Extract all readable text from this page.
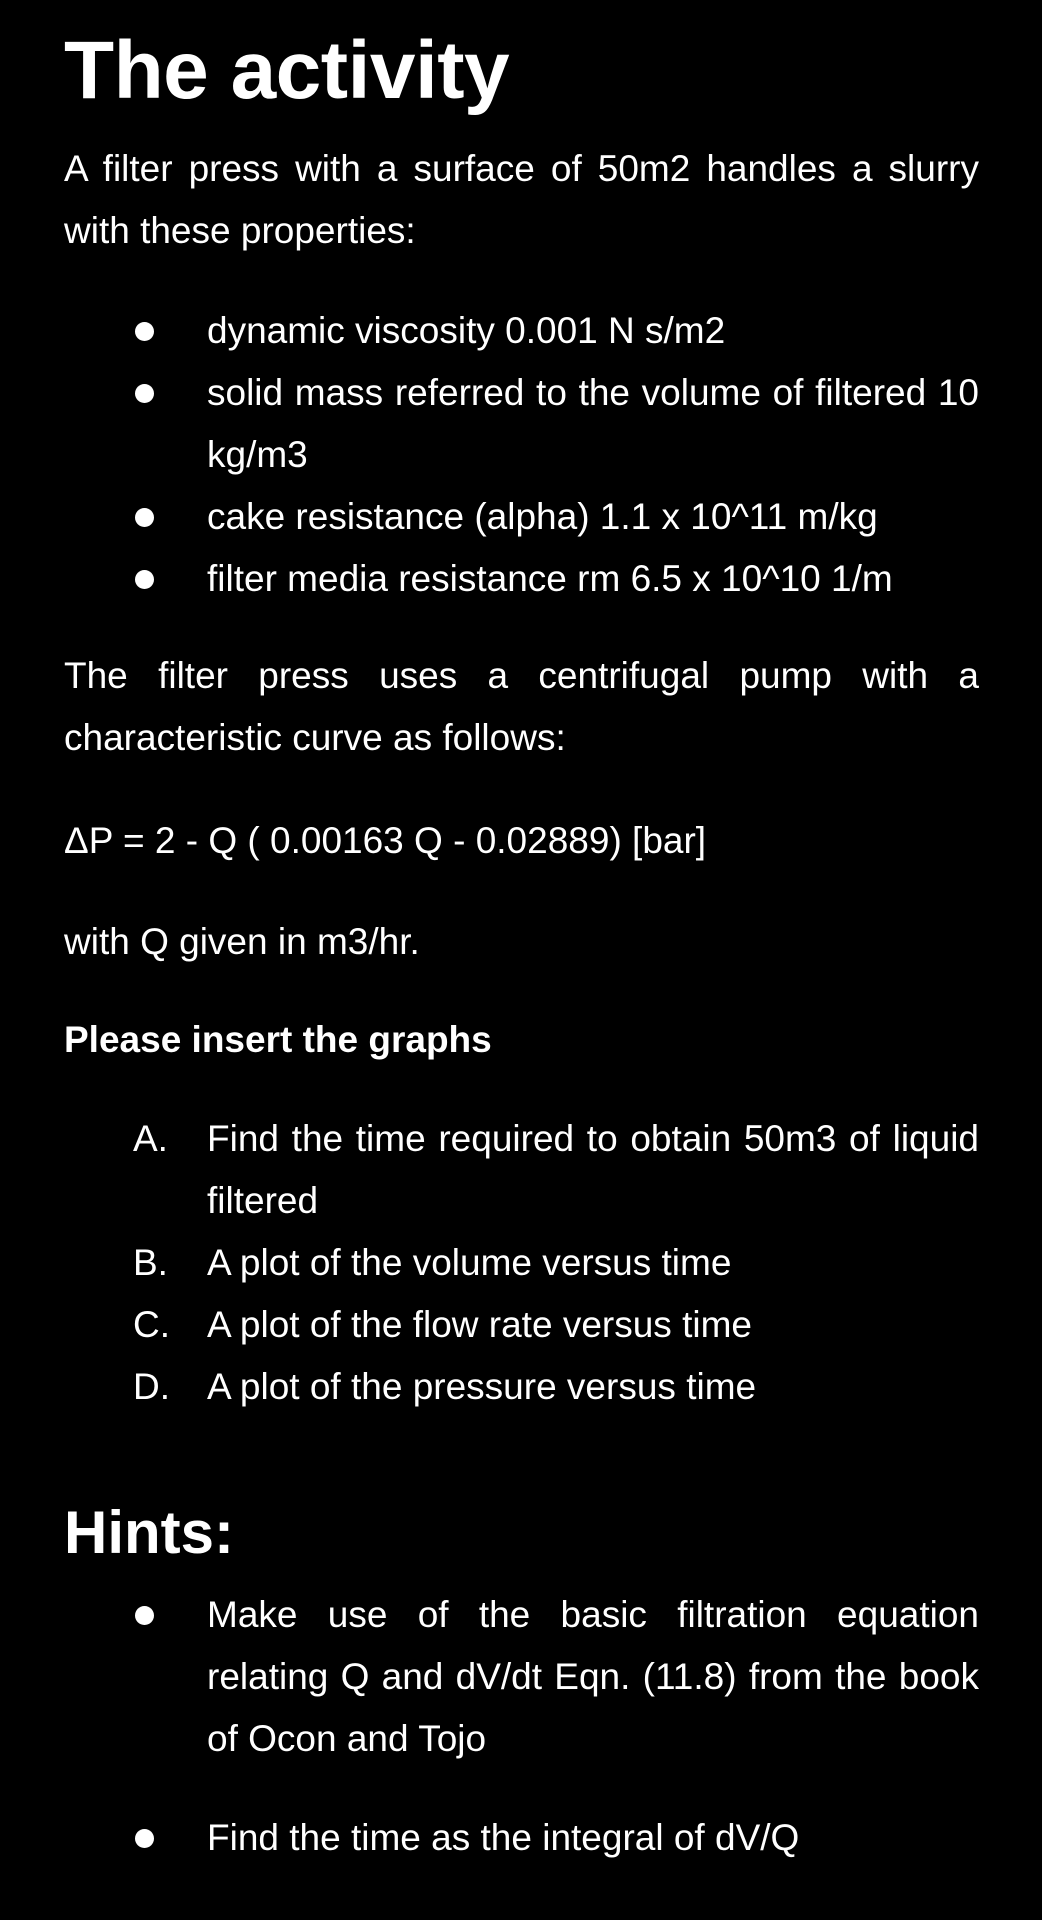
The activity

A filter press with a surface of 50m2 handles a slurry with these properties:

dynamic viscosity 0.001 N s/m2
solid mass referred to the volume of filtered 10 kg/m3
cake resistance (alpha) 1.1 x 10^11 m/kg
filter media resistance rm 6.5 x 10^10 1/m

The filter press uses a centrifugal pump with a characteristic curve as follows:

ΔP = 2 - Q ( 0.00163 Q - 0.02889) [bar]

with Q given in m3/hr.

Please insert the graphs

A. Find the time required to obtain 50m3 of liquid filtered
B. A plot of the volume versus time
C. A plot of the flow rate versus time
D. A plot of the pressure versus time
Hints:
Make use of the basic filtration equation relating Q and dV/dt Eqn. (11.8) from the book of Ocon and Tojo
Find the time as the integral of dV/Q
